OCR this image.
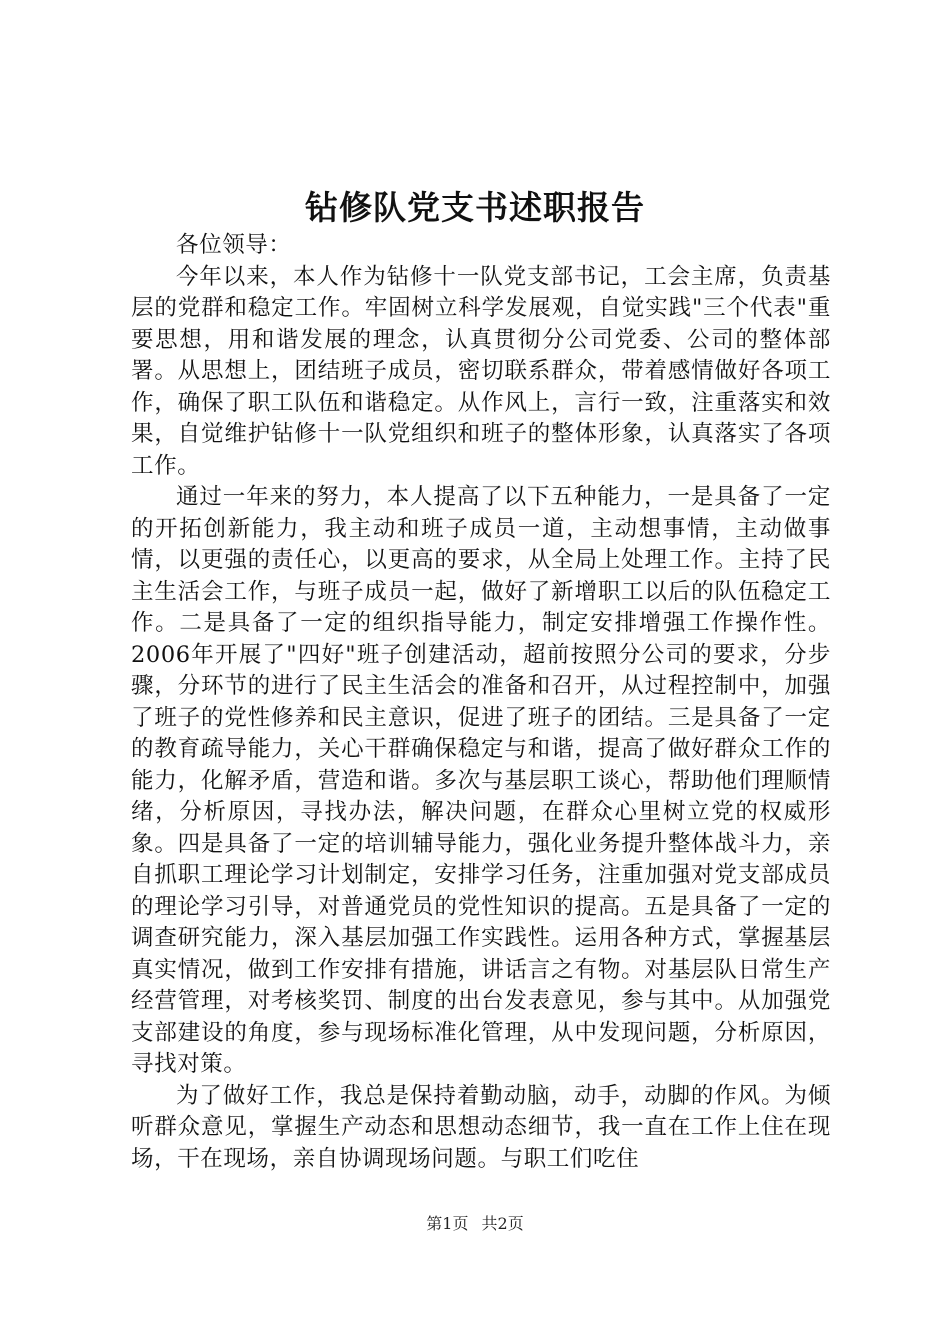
钻修队党支书述职报告

各位领导：

今年以来，本人作为钻修十一队党支部书记，工会主席，负责基层的党群和稳定工作。牢固树立科学发展观，自觉实践"三个代表"重要思想，用和谐发展的理念，认真贯彻分公司党委、公司的整体部署。从思想上，团结班子成员，密切联系群众，带着感情做好各项工作，确保了职工队伍和谐稳定。从作风上，言行一致，注重落实和效果，自觉维护钻修十一队党组织和班子的整体形象，认真落实了各项工作。

通过一年来的努力，本人提高了以下五种能力，一是具备了一定的开拓创新能力，我主动和班子成员一道，主动想事情，主动做事情，以更强的责任心，以更高的要求，从全局上处理工作。主持了民主生活会工作，与班子成员一起，做好了新增职工以后的队伍稳定工作。二是具备了一定的组织指导能力，制定安排增强工作操作性。2006年开展了"四好"班子创建活动，超前按照分公司的要求，分步骤，分环节的进行了民主生活会的准备和召开，从过程控制中，加强了班子的党性修养和民主意识，促进了班子的团结。三是具备了一定的教育疏导能力，关心干群确保稳定与和谐，提高了做好群众工作的能力，化解矛盾，营造和谐。多次与基层职工谈心，帮助他们理顺情绪，分析原因，寻找办法，解决问题，在群众心里树立党的权威形象。四是具备了一定的培训辅导能力，强化业务提升整体战斗力，亲自抓职工理论学习计划制定，安排学习任务，注重加强对党支部成员的理论学习引导，对普通党员的党性知识的提高。五是具备了一定的调查研究能力，深入基层加强工作实践性。运用各种方式，掌握基层真实情况，做到工作安排有措施，讲话言之有物。对基层队日常生产经营管理，对考核奖罚、制度的出台发表意见，参与其中。从加强党支部建设的角度，参与现场标准化管理，从中发现问题，分析原因，寻找对策。

为了做好工作，我总是保持着勤动脑，动手，动脚的作风。为倾听群众意见，掌握生产动态和思想动态细节，我一直在工作上住在现场，干在现场，亲自协调现场问题。与职工们吃住

第1页 共2页
